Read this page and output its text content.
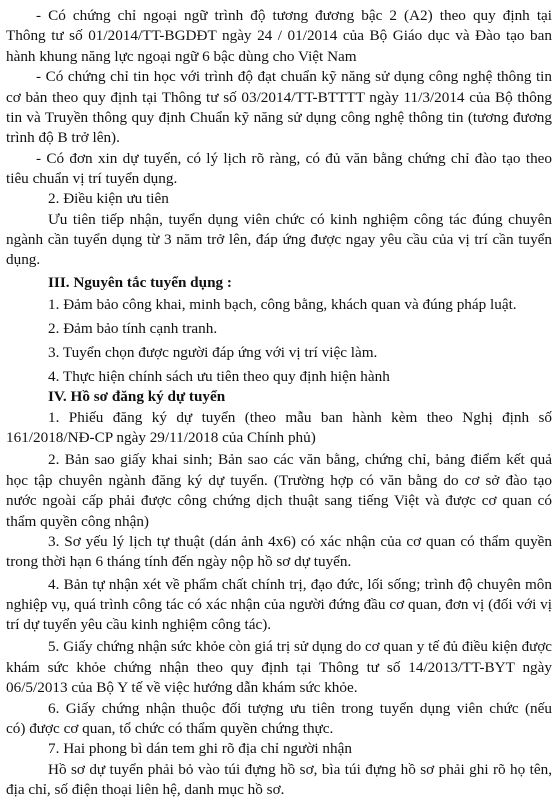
- Có chứng chỉ ngoại ngữ trình độ tương đương bậc 2 (A2) theo quy định tại
Thông tư số 01/2014/TT-BGDĐT ngày 24 / 01/2014 của Bộ Giáo dục và Đào tạo ban
hành khung năng lực ngoại ngữ 6 bậc dùng cho Việt Nam
- Có chứng chỉ tin học với trình độ đạt chuẩn kỹ năng sử dụng công nghệ thông tin
cơ bản theo quy định tại Thông tư số 03/2014/TT-BTTTT ngày 11/3/2014 của Bộ thông
tin và Truyền thông quy định Chuẩn kỹ năng sử dụng công nghệ thông tin (tương đương
trình độ B trở lên).
- Có đơn xin dự tuyển, có lý lịch rõ ràng, có đủ văn bằng chứng chỉ đào tạo theo
tiêu chuẩn vị trí tuyển dụng.
2. Điều kiện ưu tiên
Ưu tiên tiếp nhận, tuyển dụng viên chức có kinh nghiệm công tác đúng chuyên
ngành cần tuyển dụng từ 3 năm trở lên, đáp ứng được ngay yêu cầu của vị trí cần tuyển
dụng.
III. Nguyên tắc tuyển dụng :
1. Đảm bảo công khai, minh bạch, công bằng, khách quan và đúng pháp luật.
2. Đảm bảo tính cạnh tranh.
3. Tuyển chọn được người đáp ứng với vị trí việc làm.
4. Thực hiện chính sách ưu tiên theo quy định hiện hành
IV. Hồ sơ đăng ký dự tuyển
1. Phiếu đăng ký dự tuyển (theo mẫu ban hành kèm theo Nghị định số
161/2018/NĐ-CP ngày 29/11/2018 của Chính phủ)
2. Bản sao giấy khai sinh; Bản sao các văn bằng, chứng chỉ, bảng điểm kết quả
học tập chuyên ngành đăng ký dự tuyển. (Trường hợp có văn bằng do cơ sở đào tạo
nước ngoài cấp phải được công chứng dịch thuật sang tiếng Việt và được cơ quan có
thẩm quyền công nhận)
3. Sơ yếu lý lịch tự thuật (dán ảnh 4x6) có xác nhận của cơ quan có thẩm quyền
trong thời hạn 6 tháng tính đến ngày nộp hồ sơ dự tuyển.
4. Bản tự nhận xét về phẩm chất chính trị, đạo đức, lối sống; trình độ chuyên môn
nghiệp vụ, quá trình công tác có xác nhận của người đứng đầu cơ quan, đơn vị (đối với vị
trí dự tuyển yêu cầu kinh nghiệm công tác).
5. Giấy chứng nhận sức khỏe còn giá trị sử dụng do cơ quan y tế đủ điều kiện được
khám sức khỏe chứng nhận theo quy định tại Thông tư số 14/2013/TT-BYT ngày
06/5/2013 của Bộ Y tế về việc hướng dẫn khám sức khỏe.
6. Giấy chứng nhận thuộc đối tượng ưu tiên trong tuyển dụng viên chức (nếu
có) được cơ quan, tổ chức có thẩm quyền chứng thực.
7. Hai phong bì dán tem ghi rõ địa chỉ người nhận
Hồ sơ dự tuyển phải bỏ vào túi đựng hồ sơ, bìa túi đựng hồ sơ phải ghi rõ họ tên,
địa chỉ, số điện thoại liên hệ, danh mục hồ sơ.
